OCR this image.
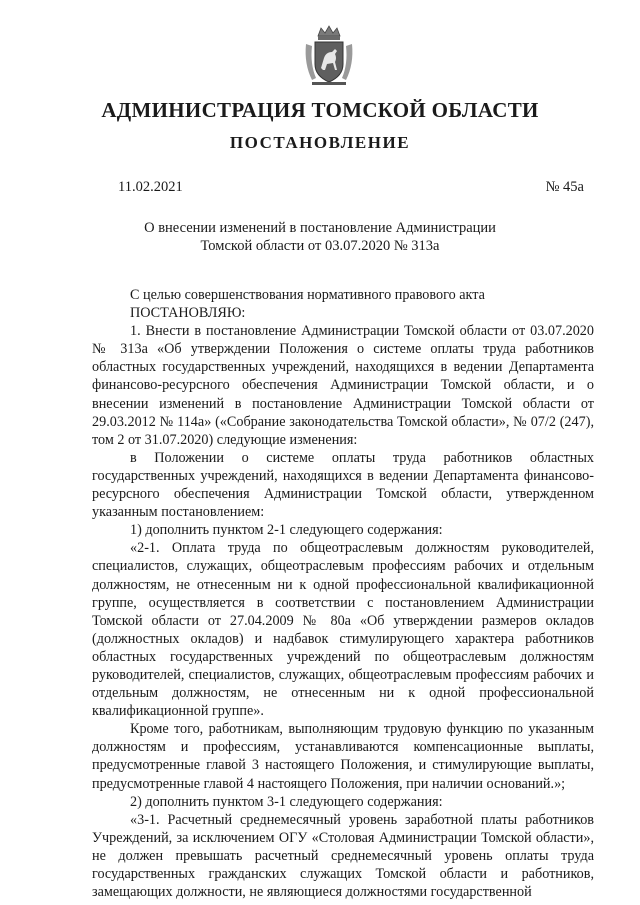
АДМИНИСТРАЦИЯ ТОМСКОЙ ОБЛАСТИ
ПОСТАНОВЛЕНИЕ
11.02.2021	№ 45а
О внесении изменений в постановление Администрации
Томской области от 03.07.2020 № 313а

С целью совершенствования нормативного правового акта

ПОСТАНОВЛЯЮ:

1. Внести в постановление Администрации Томской области от 03.07.2020 № 313а «Об утверждении Положения о системе оплаты труда работников областных государственных учреждений, находящихся в ведении Департамента финансово-ресурсного обеспечения Администрации Томской области, и о внесении изменений в постановление Администрации Томской области от 29.03.2012 № 114а» («Собрание законодательства Томской области», № 07/2 (247), том 2 от 31.07.2020) следующие изменения:

в Положении о системе оплаты труда работников областных государственных учреждений, находящихся в ведении Департамента финансово-ресурсного обеспечения Администрации Томской области, утвержденном указанным постановлением:

1) дополнить пунктом 2-1 следующего содержания:

«2-1. Оплата труда по общеотраслевым должностям руководителей, специалистов, служащих, общеотраслевым профессиям рабочих и отдельным должностям, не отнесенным ни к одной профессиональной квалификационной группе, осуществляется в соответствии с постановлением Администрации Томской области от 27.04.2009 № 80а «Об утверждении размеров окладов (должностных окладов) и надбавок стимулирующего характера работников областных государственных учреждений по общеотраслевым должностям руководителей, специалистов, служащих, общеотраслевым профессиям рабочих и отдельным должностям, не отнесенным ни к одной профессиональной квалификационной группе».

Кроме того, работникам, выполняющим трудовую функцию по указанным должностям и профессиям, устанавливаются компенсационные выплаты, предусмотренные главой 3 настоящего Положения, и стимулирующие выплаты, предусмотренные главой 4 настоящего Положения, при наличии оснований.»;

2) дополнить пунктом 3-1 следующего содержания:

«3-1. Расчетный среднемесячный уровень заработной платы работников Учреждений, за исключением ОГУ «Столовая Администрации Томской области», не должен превышать расчетный среднемесячный уровень оплаты труда государственных гражданских служащих Томской области и работников, замещающих должности, не являющиеся должностями государственной
